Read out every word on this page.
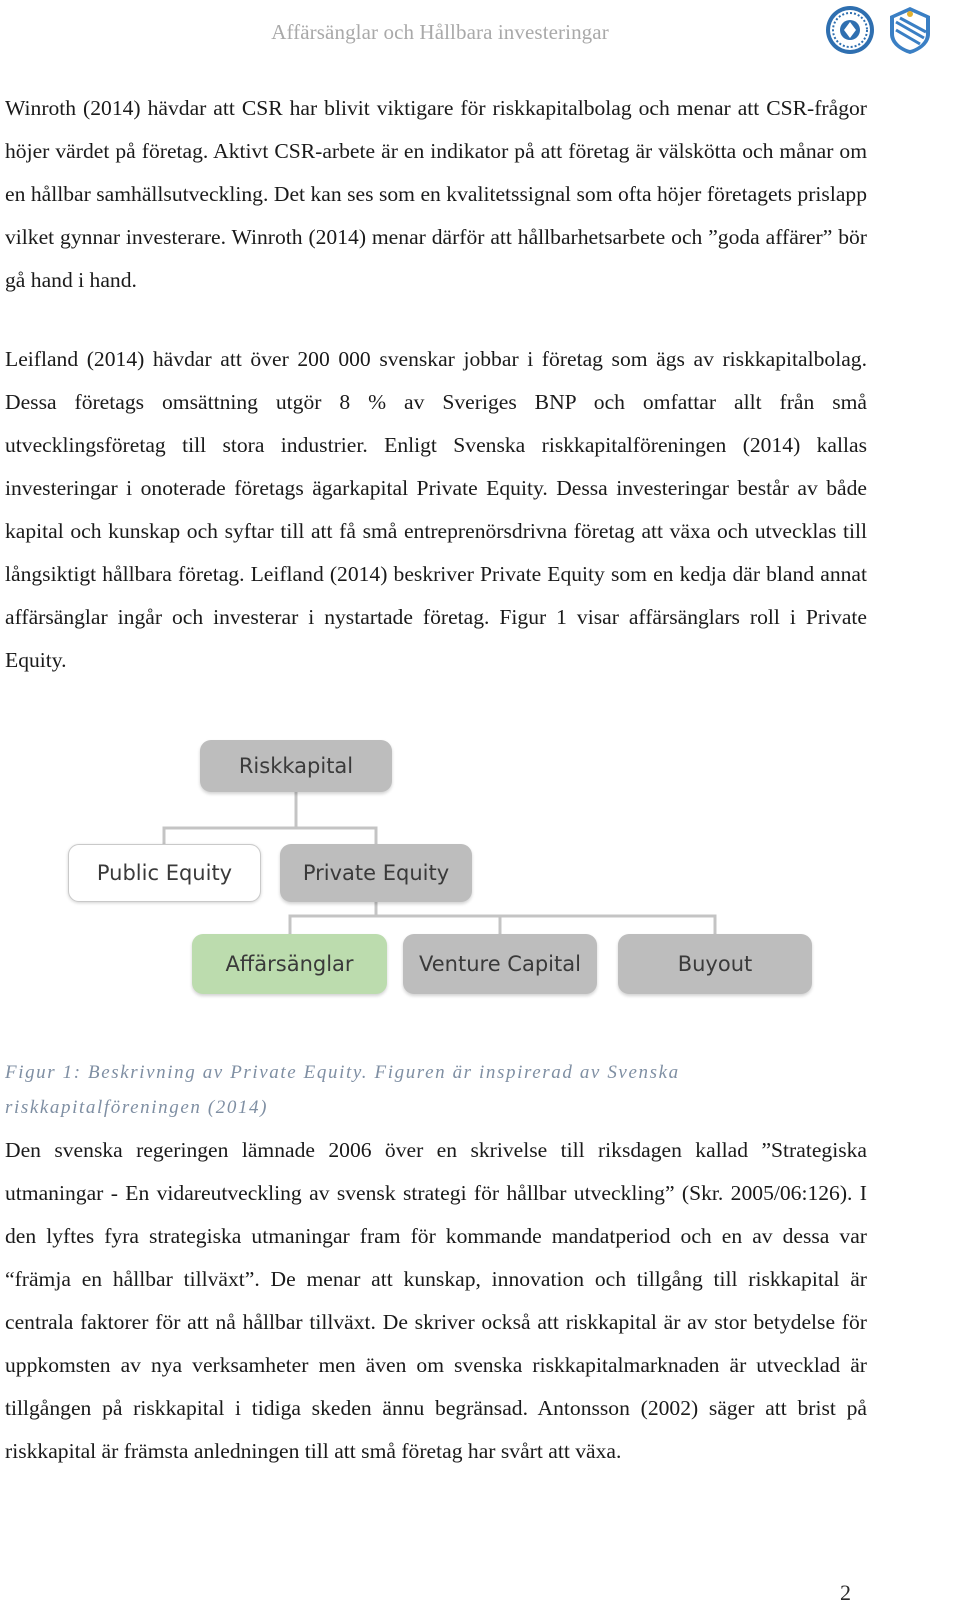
Affärsänglar och Hållbara investeringar

Winroth (2014) hävdar att CSR har blivit viktigare för riskkapitalbolag och menar att CSR-frågor höjer värdet på företag. Aktivt CSR-arbete är en indikator på att företag är välskötta och månar om en hållbar samhällsutveckling. Det kan ses som en kvalitetssignal som ofta höjer företagets prislapp vilket gynnar investerare. Winroth (2014) menar därför att hållbarhetsarbete och ”goda affärer” bör gå hand i hand.

Leifland (2014) hävdar att över 200 000 svenskar jobbar i företag som ägs av riskkapitalbolag. Dessa företags omsättning utgör 8 % av Sveriges BNP och omfattar allt från små utvecklingsföretag till stora industrier. Enligt Svenska riskkapitalföreningen (2014) kallas investeringar i onoterade företags ägarkapital Private Equity. Dessa investeringar består av både kapital och kunskap och syftar till att få små entreprenörsdrivna företag att växa och utvecklas till långsiktigt hållbara företag. Leifland (2014) beskriver Private Equity som en kedja där bland annat affärsänglar ingår och investerar i nystartade företag. Figur 1 visar affärsänglars roll i Private Equity.

Riskkapital
Public Equity	Private Equity
Affärsänglar	Venture Capital	Buyout

Figur 1: Beskrivning av Private Equity. Figuren är inspirerad av Svenska riskkapitalföreningen (2014)

Den svenska regeringen lämnade 2006 över en skrivelse till riksdagen kallad ”Strategiska utmaningar - En vidareutveckling av svensk strategi för hållbar utveckling” (Skr. 2005/06:126). I den lyftes fyra strategiska utmaningar fram för kommande mandatperiod och en av dessa var “främja en hållbar tillväxt”. De menar att kunskap, innovation och tillgång till riskkapital är centrala faktorer för att nå hållbar tillväxt. De skriver också att riskkapital är av stor betydelse för uppkomsten av nya verksamheter men även om svenska riskkapitalmarknaden är utvecklad är tillgången på riskkapital i tidiga skeden ännu begränsad. Antonsson (2002) säger att brist på riskkapital är främsta anledningen till att små företag har svårt att växa.

2
